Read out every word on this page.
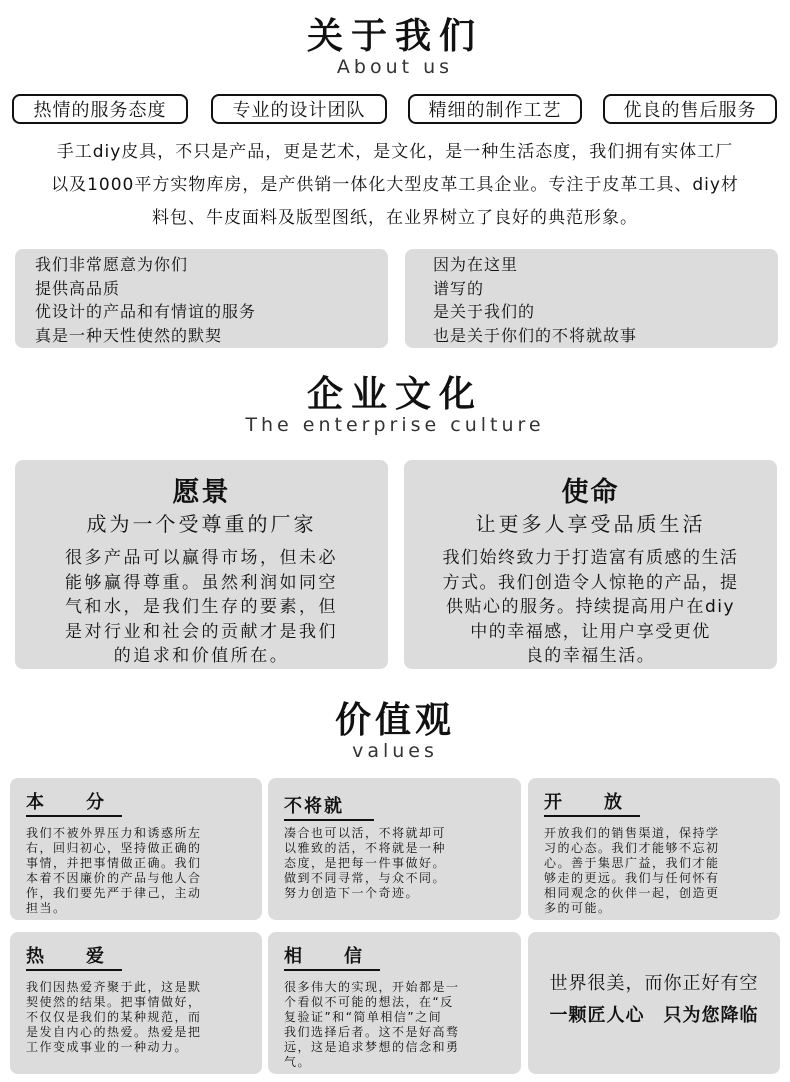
关于我们
About us
热情的服务态度	专业的设计团队	精细的制作工艺	优良的售后服务
手工diy皮具，不只是产品，更是艺术，是文化，是一种生活态度，我们拥有实体工厂
以及1000平方实物库房，是产供销一体化大型皮革工具企业。专注于皮革工具、diy材
料包、牛皮面料及版型图纸，在业界树立了良好的典范形象。
我们非常愿意为你们
提供高品质
优设计的产品和有情谊的服务
真是一种天性使然的默契
因为在这里
谱写的
是关于我们的
也是关于你们的不将就故事
企业文化
The enterprise culture
愿景
成为一个受尊重的厂家
很多产品可以赢得市场，但未必
能够赢得尊重。虽然利润如同空
气和水，是我们生存的要素，但
是对行业和社会的贡献才是我们
的追求和价值所在。
使命
让更多人享受品质生活
我们始终致力于打造富有质感的生活
方式。我们创造令人惊艳的产品，提
供贴心的服务。持续提高用户在diy
中的幸福感，让用户享受更优
良的幸福生活。
价值观
values
本　　分
我们不被外界压力和诱惑所左
右，回归初心，坚持做正确的
事情，并把事情做正确。我们
本着不因廉价的产品与他人合
作，我们要先严于律己，主动
担当。
不将就
凑合也可以活，不将就却可
以雅致的活，不将就是一种
态度，是把每一件事做好。
做到不同寻常，与众不同。
努力创造下一个奇迹。
开　　放
开放我们的销售渠道，保持学
习的心态。我们才能够不忘初
心。善于集思广益，我们才能
够走的更远。我们与任何怀有
相同观念的伙伴一起，创造更
多的可能。
热　　爱
我们因热爱齐聚于此，这是默
契使然的结果。把事情做好，
不仅仅是我们的某种规范，而
是发自内心的热爱。热爱是把
工作变成事业的一种动力。
相　　信
很多伟大的实现，开始都是一
个看似不可能的想法，在“反
复验证”和“简单相信”之间
我们选择后者。这不是好高骛
远，这是追求梦想的信念和勇
气。
世界很美，而你正好有空
一颗匠人心　只为您降临
